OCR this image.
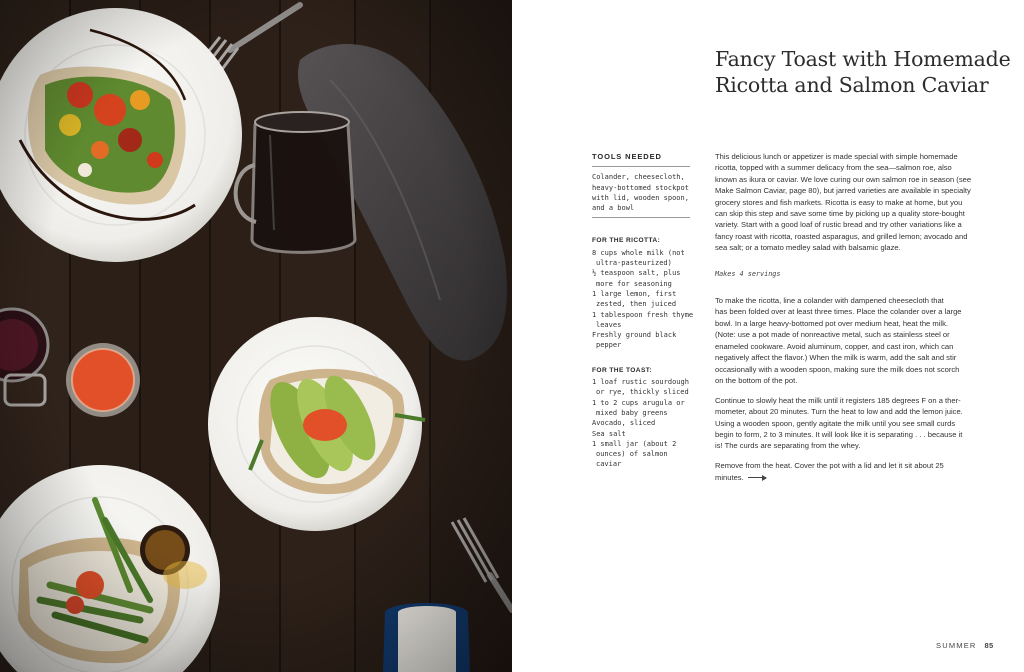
Fancy Toast with Homemade
Ricotta and Salmon Caviar
TOOLS NEEDED
Colander, cheesecloth,
heavy-bottomed stockpot
with lid, wooden spoon,
and a bowl
FOR THE RICOTTA:
8 cups whole milk (not
ultra-pasteurized)
½ teaspoon salt, plus
more for seasoning
1 large lemon, first
zested, then juiced
1 tablespoon fresh thyme
leaves
Freshly ground black
pepper
FOR THE TOAST:
1 loaf rustic sourdough
or rye, thickly sliced
1 to 2 cups arugula or
mixed baby greens
Avocado, sliced
Sea salt
1 small jar (about 2
ounces) of salmon
caviar

This delicious lunch or appetizer is made special with simple homemade
ricotta, topped with a summer delicacy from the sea—salmon roe, also
known as ikura or caviar. We love curing our own salmon roe in season (see
Make Salmon Caviar, page 80), but jarred varieties are available in specialty
grocery stores and fish markets. Ricotta is easy to make at home, but you
can skip this step and save some time by picking up a quality store-bought
variety. Start with a good loaf of rustic bread and try other variations like a
fancy roast with ricotta, roasted asparagus, and grilled lemon; avocado and
sea salt; or a tomato medley salad with balsamic glaze.

Makes 4 servings

To make the ricotta, line a colander with dampened cheesecloth that
has been folded over at least three times. Place the colander over a large
bowl. In a large heavy-bottomed pot over medium heat, heat the milk.
(Note: use a pot made of nonreactive metal, such as stainless steel or
enameled cookware. Avoid aluminum, copper, and cast iron, which can
negatively affect the flavor.) When the milk is warm, add the salt and stir
occasionally with a wooden spoon, making sure the milk does not scorch
on the bottom of the pot.

Continue to slowly heat the milk until it registers 185 degrees F on a ther-
mometer, about 20 minutes. Turn the heat to low and add the lemon juice.
Using a wooden spoon, gently agitate the milk until you see small curds
begin to form, 2 to 3 minutes. It will look like it is separating . . . because it
is! The curds are separating from the whey.

Remove from the heat. Cover the pot with a lid and let it sit about 25
minutes.

SUMMER 85
